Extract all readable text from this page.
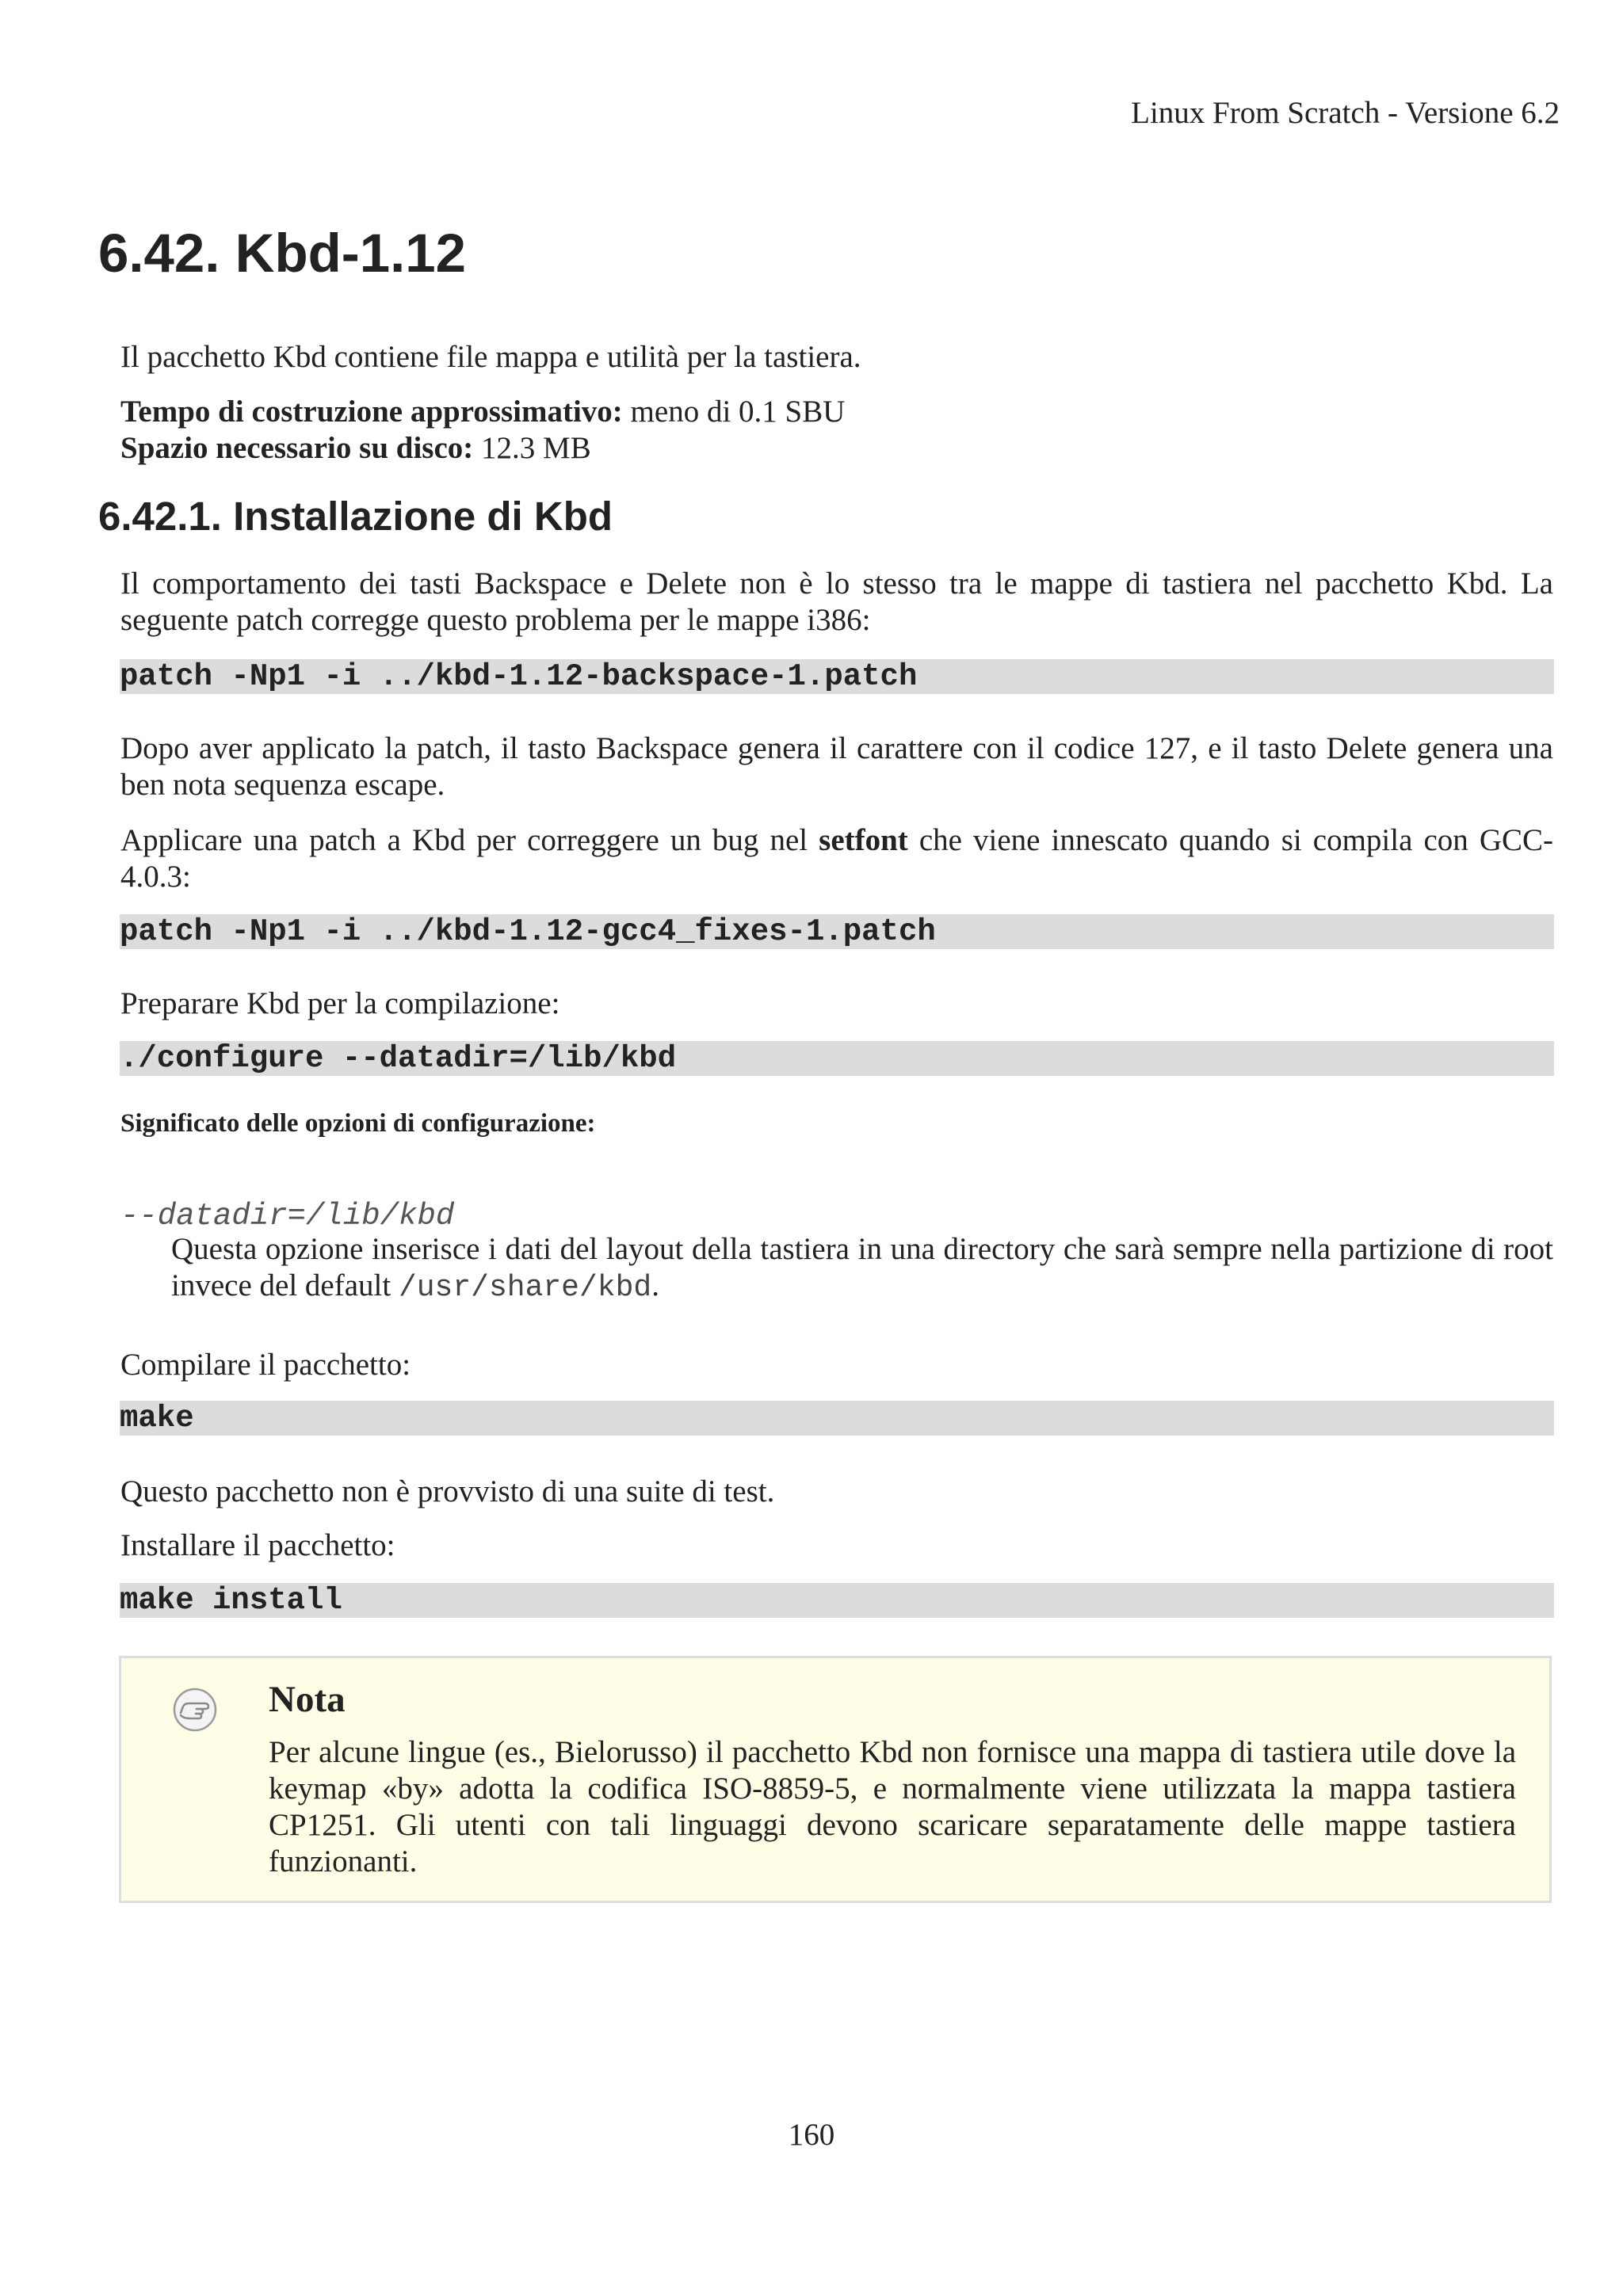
Linux From Scratch - Versione 6.2
6.42. Kbd-1.12

Il pacchetto Kbd contiene file mappa e utilità per la tastiera.

Tempo di costruzione approssimativo: meno di 0.1 SBU

Spazio necessario su disco: 12.3 MB

6.42.1. Installazione di Kbd

Il comportamento dei tasti Backspace e Delete non è lo stesso tra le mappe di tastiera nel pacchetto Kbd. La seguente patch corregge questo problema per le mappe i386:

patch -Np1 -i ../kbd-1.12-backspace-1.patch

Dopo aver applicato la patch, il tasto Backspace genera il carattere con il codice 127, e il tasto Delete genera una ben nota sequenza escape.

Applicare una patch a Kbd per correggere un bug nel setfont che viene innescato quando si compila con GCC-4.0.3:

patch -Np1 -i ../kbd-1.12-gcc4_fixes-1.patch

Preparare Kbd per la compilazione:

./configure --datadir=/lib/kbd
Significato delle opzioni di configurazione:
--datadir=/lib/kbd

Questa opzione inserisce i dati del layout della tastiera in una directory che sarà sempre nella partizione di root invece del default /usr/share/kbd.

Compilare il pacchetto:

make

Questo pacchetto non è provvisto di una suite di test.

Installare il pacchetto:

make install
Nota

Per alcune lingue (es., Bielorusso) il pacchetto Kbd non fornisce una mappa di tastiera utile dove la keymap «by» adotta la codifica ISO-8859-5, e normalmente viene utilizzata la mappa tastiera CP1251. Gli utenti con tali linguaggi devono scaricare separatamente delle mappe tastiera funzionanti.

160
